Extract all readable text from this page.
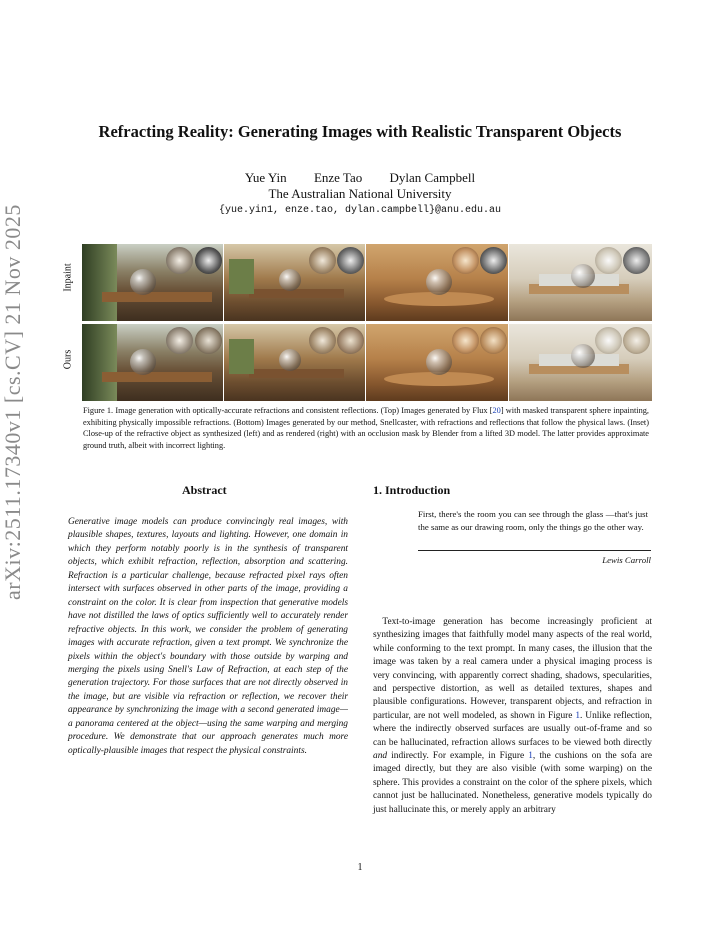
arXiv:2511.17340v1 [cs.CV] 21 Nov 2025
Refracting Reality: Generating Images with Realistic Transparent Objects
Yue Yin Enze Tao Dylan Campbell
The Australian National University
{yue.yin1, enze.tao, dylan.campbell}@anu.edu.au
Inpaint
Ours
Figure 1. Image generation with optically-accurate refractions and consistent reflections. (Top) Images generated by Flux [20] with masked transparent sphere inpainting, exhibiting physically impossible refractions. (Bottom) Images generated by our method, Snellcaster, with refractions and reflections that follow the physical laws. (Inset) Close-up of the refractive object as synthesized (left) and as rendered (right) with an occlusion mask by Blender from a lifted 3D model. The latter provides approximate ground truth, albeit with incorrect lighting.
Abstract
Generative image models can produce convincingly real images, with plausible shapes, textures, layouts and lighting. However, one domain in which they perform notably poorly is in the synthesis of transparent objects, which exhibit refraction, reflection, absorption and scattering. Refraction is a particular challenge, because refracted pixel rays often intersect with surfaces observed in other parts of the image, providing a constraint on the color. It is clear from inspection that generative models have not distilled the laws of optics sufficiently well to accurately render refractive objects. In this work, we consider the problem of generating images with accurate refraction, given a text prompt. We synchronize the pixels within the object's boundary with those outside by warping and merging the pixels using Snell's Law of Refraction, at each step of the generation trajectory. For those surfaces that are not directly observed in the image, but are visible via refraction or reflection, we recover their appearance by synchronizing the image with a second generated image—a panorama centered at the object—using the same warping and merging procedure. We demonstrate that our approach generates much more optically-plausible images that respect the physical constraints.
1. Introduction
First, there's the room you can see through the glass —that's just the same as our drawing room, only the things go the other way.
Lewis Carroll
 Text-to-image generation has become increasingly proficient at synthesizing images that faithfully model many aspects of the real world, while conforming to the text prompt. In many cases, the illusion that the image was taken by a real camera under a physical imaging process is very convincing, with apparently correct shading, shadows, specularities, and perspective distortion, as well as detailed textures, shapes and plausible configurations. However, transparent objects, and refraction in particular, are not well modeled, as shown in Figure 1. Unlike reflection, where the indirectly observed surfaces are usually out-of-frame and so can be hallucinated, refraction allows surfaces to be viewed both directly and indirectly. For example, in Figure 1, the cushions on the sofa are imaged directly, but they are also visible (with some warping) on the sphere. This provides a constraint on the color of the sphere pixels, which cannot just be hallucinated. Nonetheless, generative models typically do just hallucinate this, or merely apply an arbitrary
1
